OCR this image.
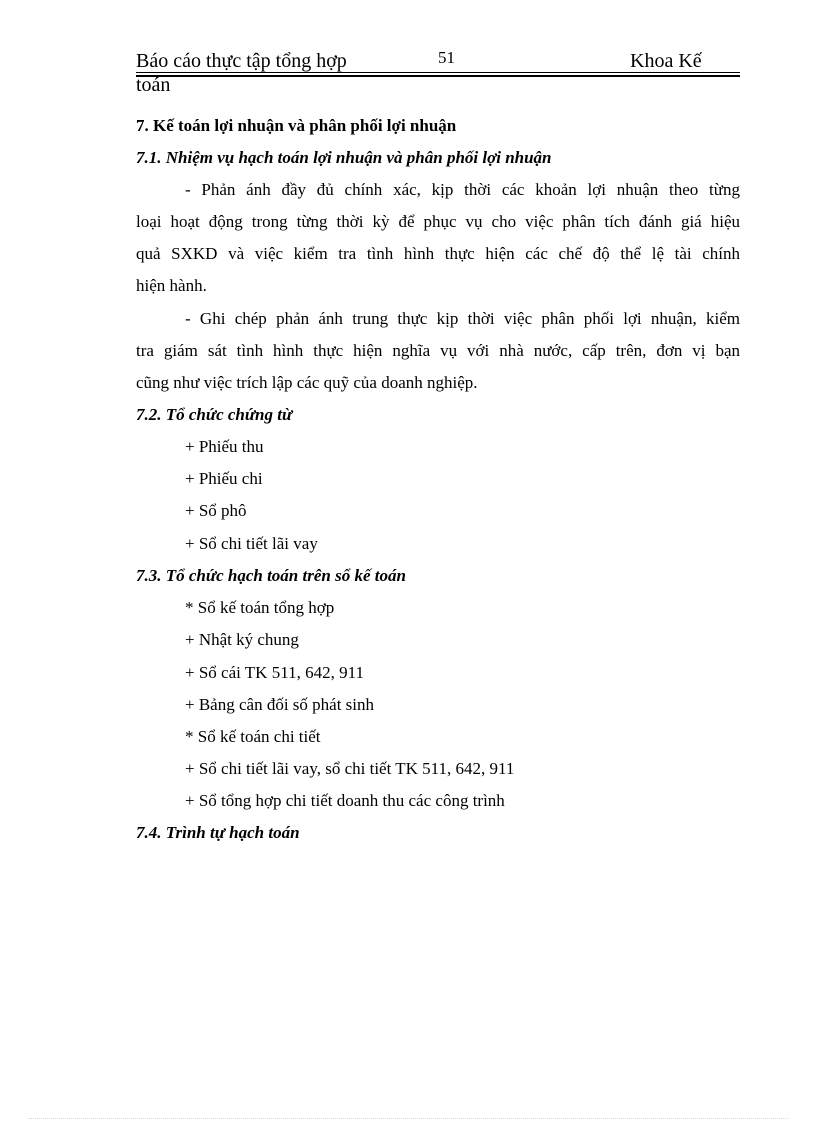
Báo cáo thực tập tổng hợp	51	Khoa Kế
toán
7. Kế toán lợi nhuận và phân phối lợi nhuận
7.1. Nhiệm vụ hạch toán lợi nhuận và phân phối lợi nhuận
- Phản ánh đầy đủ chính xác, kịp thời các khoản lợi nhuận theo từng
loại hoạt động trong từng thời kỳ để phục vụ cho việc phân tích đánh giá hiệu
quả SXKD và việc kiểm tra tình hình thực hiện các chế độ thể lệ tài chính
hiện hành.
- Ghi chép phản ánh trung thực kịp thời việc phân phối lợi nhuận, kiểm
tra giám sát tình hình thực hiện nghĩa vụ với nhà nước, cấp trên, đơn vị bạn
cũng như việc trích lập các quỹ của doanh nghiệp.
7.2. Tổ chức chứng từ
+ Phiếu thu
+ Phiếu chi
+ Sổ phô
+ Sổ chi tiết lãi vay
7.3. Tổ chức hạch toán trên sổ kế toán
* Sổ kế toán tổng hợp
+ Nhật ký chung
+ Sổ cái TK 511, 642, 911
+ Bảng cân đối số phát sinh
* Sổ kế toán chi tiết
+ Sổ chi tiết lãi vay, sổ chi tiết TK 511, 642, 911
+ Sổ tổng hợp chi tiết doanh thu các công trình
7.4. Trình tự hạch toán
